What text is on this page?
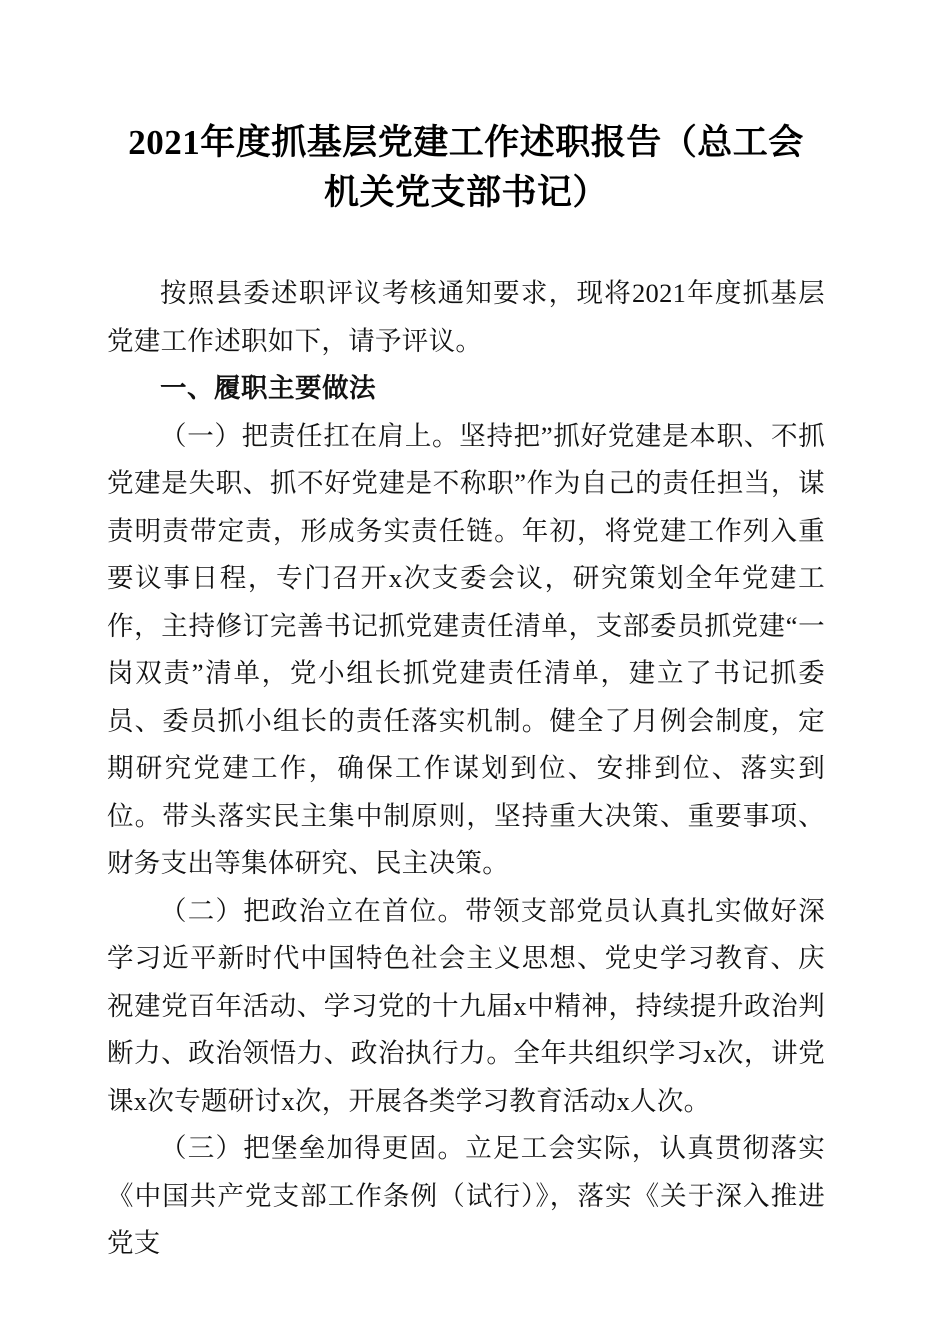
2021年度抓基层党建工作述职报告（总工会
机关党支部书记）

按照县委述职评议考核通知要求，现将2021年度抓基层党建工作述职如下，请予评议。

一、履职主要做法

（一）把责任扛在肩上。坚持把”抓好党建是本职、不抓党建是失职、抓不好党建是不称职”作为自己的责任担当，谋责明责带定责，形成务实责任链。年初，将党建工作列入重要议事日程，专门召开x次支委会议，研究策划全年党建工作，主持修订完善书记抓党建责任清单，支部委员抓党建“一岗双责”清单，党小组长抓党建责任清单，建立了书记抓委员、委员抓小组长的责任落实机制。健全了月例会制度，定期研究党建工作，确保工作谋划到位、安排到位、落实到位。带头落实民主集中制原则，坚持重大决策、重要事项、财务支出等集体研究、民主决策。

（二）把政治立在首位。带领支部党员认真扎实做好深学习近平新时代中国特色社会主义思想、党史学习教育、庆祝建党百年活动、学习党的十九届x中精神，持续提升政治判断力、政治领悟力、政治执行力。全年共组织学习x次，讲党课x次专题研讨x次，开展各类学习教育活动x人次。

（三）把堡垒加得更固。立足工会实际，认真贯彻落实《中国共产党支部工作条例（试行）》，落实《关于深入推进党支
